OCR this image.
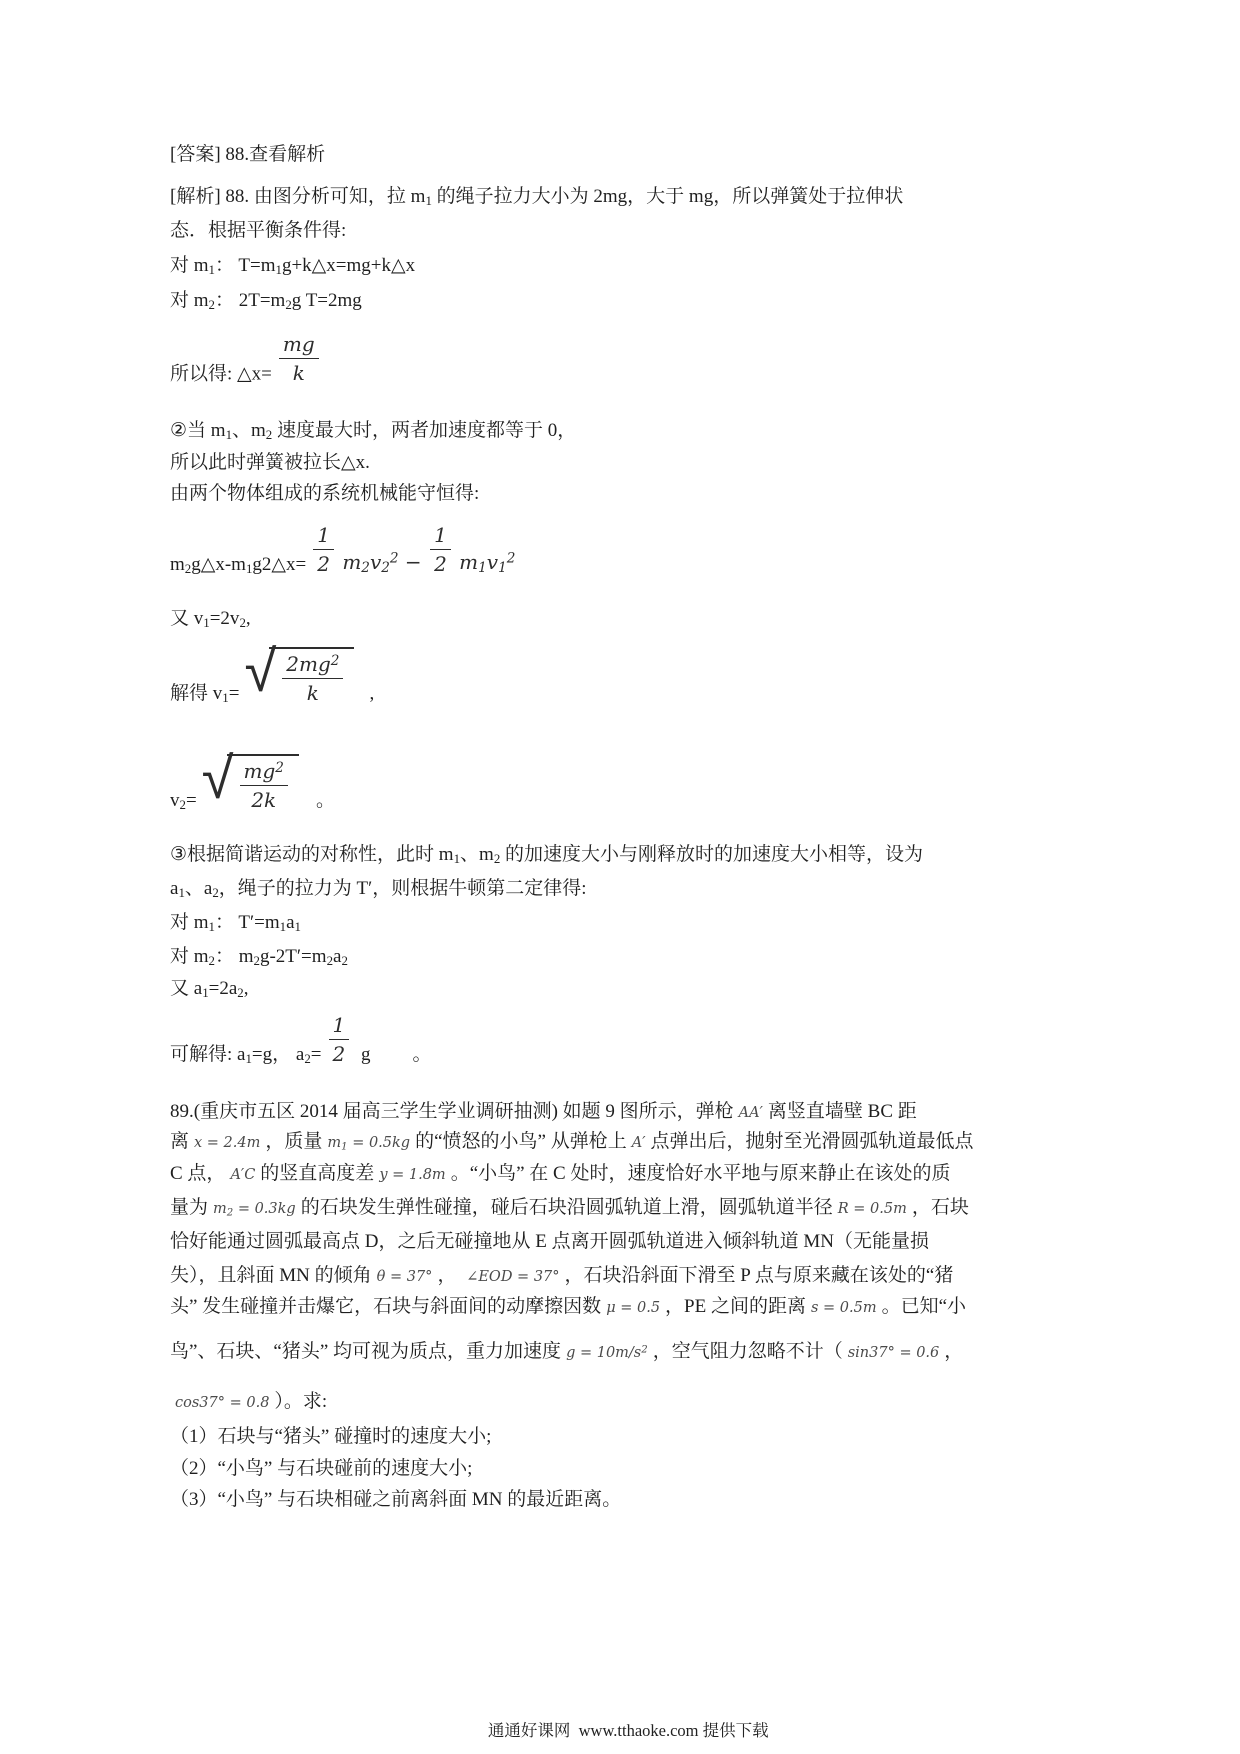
[答案] 88.查看解析
[解析] 88. 由图分析可知，拉 $m_1$ 的绳子拉力大小为 2mg，大于 mg，所以弹簧处于拉伸状
态．根据平衡条件得:
对 $m_1$： $T=m_1g+k\triangle x=mg+k\triangle x$
对 $m_2$： $2T=m_2g$ T=2mg
所以得: △x= $\frac{mg}{k}$
②当 $m_1$、$m_2$ 速度最大时，两者加速度都等于 0，
所以此时弹簧被拉长△x.
由两个物体组成的系统机械能守恒得:
$m_2g\triangle x-m_1g2\triangle x= \frac{1}{2} m_2v_2^2 - \frac{1}{2} m_1v_1^2$
又 $v_1=2v_2$,
解得 $v_1=$ √ $\frac{2mg^2}{k}$ ,
$v_2=$ √ $\frac{mg^2}{2k}$ 。
③根据简谐运动的对称性，此时 $m_1$、$m_2$ 的加速度大小与刚释放时的加速度大小相等，设为
$a_1$、$a_2$，绳子的拉力为 T′，则根据牛顿第二定律得:
对 $m_1$： $T'=m_1a_1$
对 $m_2$： $m_2g-2T'=m_2a_2$
又 $a_1=2a_2$,
可解得: $a_1=g$， $a_2= \frac{1}{2}$ g 。
89.(重庆市五区 2014 届高三学生学业调研抽测) 如题 9 图所示，弹枪 AA′ 离竖直墙壁 BC 距
离 x = 2.4m ，质量 $m_1 = 0.5kg$ 的“愤怒的小鸟” 从弹枪上 A′ 点弹出后，抛射至光滑圆弧轨道最低点
C 点， A′C 的竖直高度差 y = 1.8m 。“小鸟” 在 C 处时，速度恰好水平地与原来静止在该处的质
量为 $m_2 = 0.3kg$ 的石块发生弹性碰撞，碰后石块沿圆弧轨道上滑，圆弧轨道半径 R = 0.5m ，石块
恰好能通过圆弧最高点 D，之后无碰撞地从 E 点离开圆弧轨道进入倾斜轨道 MN（无能量损
失），且斜面 MN 的倾角 θ = 37° ， ∠EOD = 37° ，石块沿斜面下滑至 P 点与原来藏在该处的“猪
头” 发生碰撞并击爆它，石块与斜面间的动摩擦因数 μ = 0.5 ，PE 之间的距离 s = 0.5m 。已知“小
鸟”、石块、“猪头” 均可视为质点，重力加速度 $g = 10m/s^2$ ，空气阻力忽略不计（ sin37° = 0.6 ，
cos37° = 0.8 ）。求:
（1）石块与“猪头” 碰撞时的速度大小;
（2）“小鸟” 与石块碰前的速度大小;
（3）“小鸟” 与石块相碰之前离斜面 MN 的最近距离。

通通好课网  www.tthaoke.com 提供下载
